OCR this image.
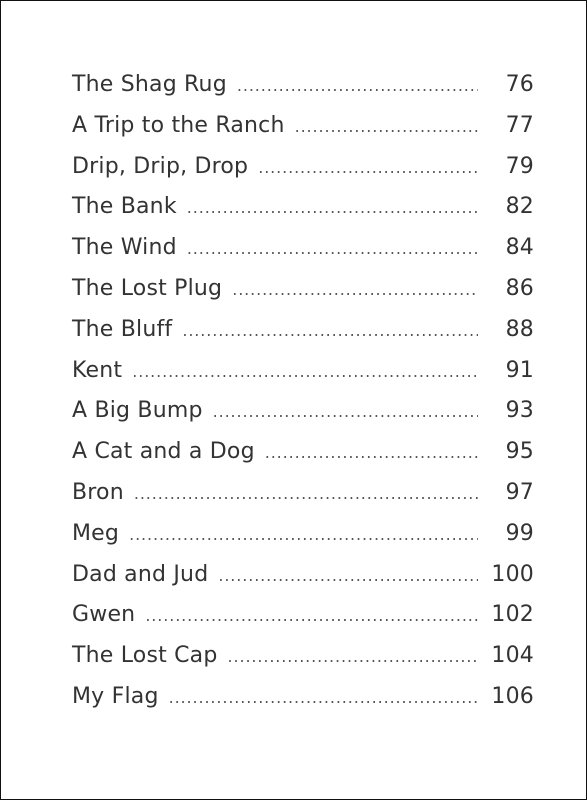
The Shag Rug . . .	76
A Trip to the Ranch . . .	77
Drip, Drip, Drop . . .	79
The Bank . . .	82
The Wind . . .	84
The Lost Plug . . .	86
The Bluff . . .	88
Kent . . .	91
A Big Bump . . .	93
A Cat and a Dog . . .	95
Bron . . .	97
Meg . . .	99
Dad and Jud . . .	100
Gwen . . .	102
The Lost Cap . . .	104
My Flag . . .	106
